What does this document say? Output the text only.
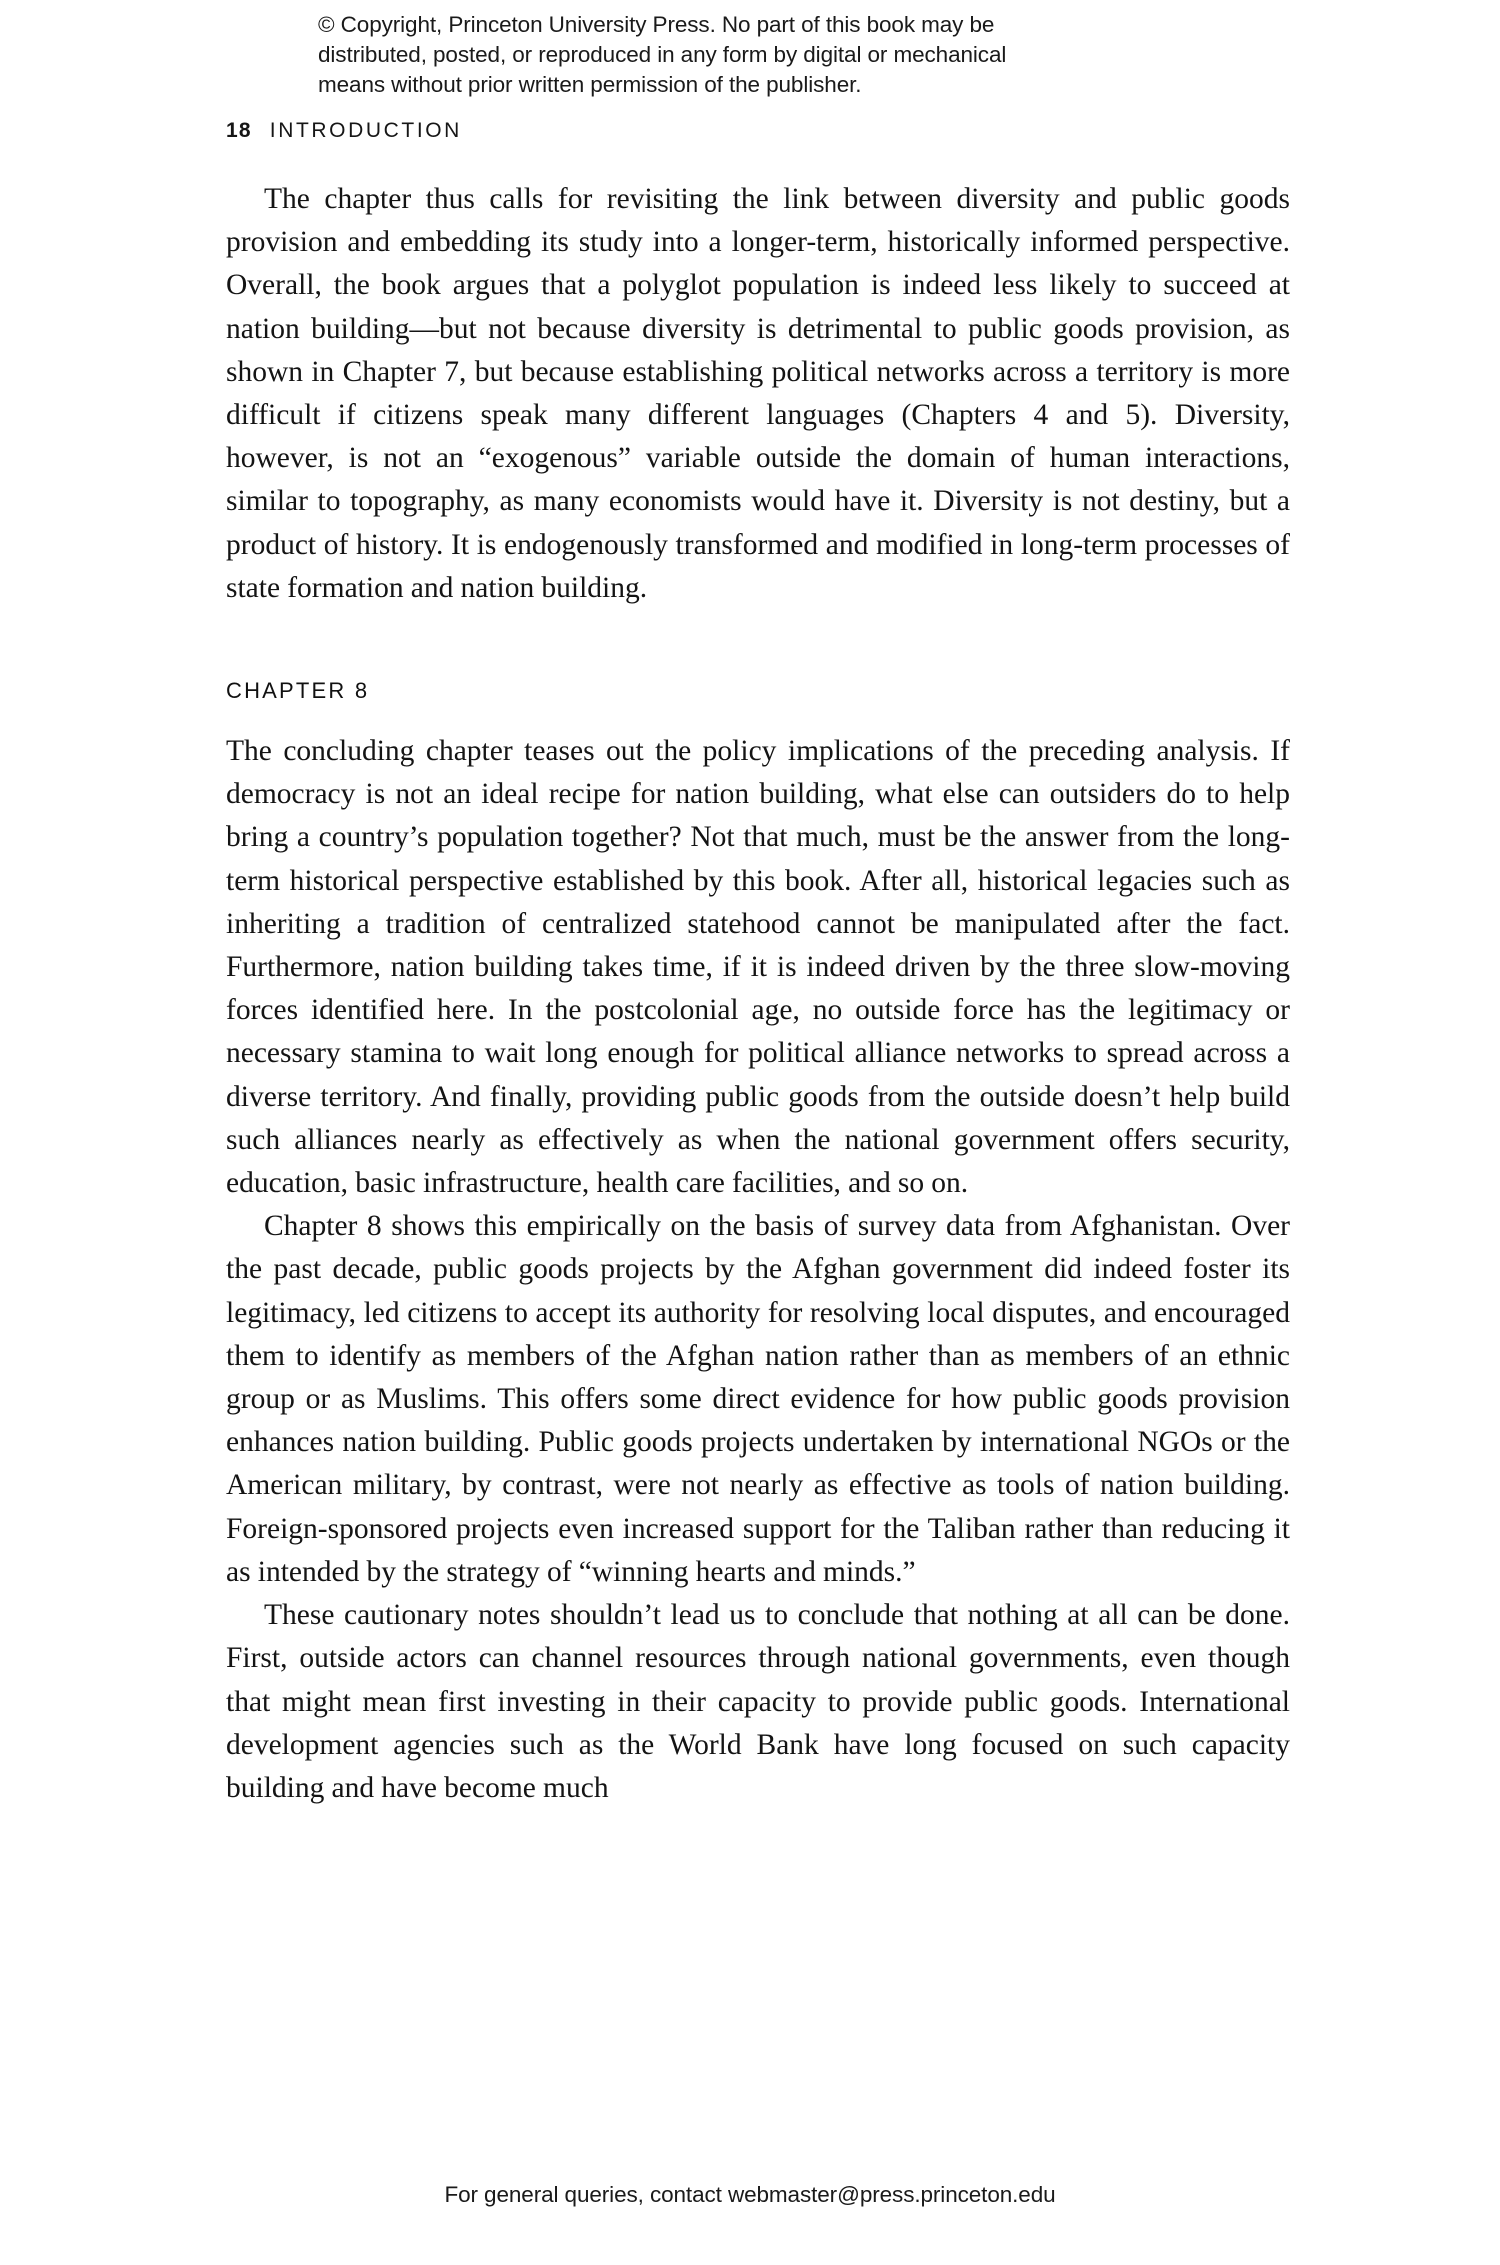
© Copyright, Princeton University Press. No part of this book may be
distributed, posted, or reproduced in any form by digital or mechanical
means without prior written permission of the publisher.
18 INTRODUCTION

The chapter thus calls for revisiting the link between diversity and public goods provision and embedding its study into a longer-term, historically informed perspective. Overall, the book argues that a polyglot population is indeed less likely to succeed at nation building—but not because diversity is detrimental to public goods provision, as shown in Chapter 7, but because establishing political networks across a territory is more difficult if citizens speak many different languages (Chapters 4 and 5). Diversity, however, is not an “exogenous” variable outside the domain of human interactions, similar to topography, as many economists would have it. Diversity is not destiny, but a product of history. It is endogenously transformed and modified in long-term processes of state formation and nation building.

CHAPTER 8

The concluding chapter teases out the policy implications of the preceding analysis. If democracy is not an ideal recipe for nation building, what else can outsiders do to help bring a country’s population together? Not that much, must be the answer from the long-term historical perspective established by this book. After all, historical legacies such as inheriting a tradition of centralized statehood cannot be manipulated after the fact. Furthermore, nation building takes time, if it is indeed driven by the three slow-moving forces identified here. In the postcolonial age, no outside force has the legitimacy or necessary stamina to wait long enough for political alliance networks to spread across a diverse territory. And finally, providing public goods from the outside doesn’t help build such alliances nearly as effectively as when the national government offers security, education, basic infrastructure, health care facilities, and so on.

Chapter 8 shows this empirically on the basis of survey data from Afghanistan. Over the past decade, public goods projects by the Afghan government did indeed foster its legitimacy, led citizens to accept its authority for resolving local disputes, and encouraged them to identify as members of the Afghan nation rather than as members of an ethnic group or as Muslims. This offers some direct evidence for how public goods provision enhances nation building. Public goods projects undertaken by international NGOs or the American military, by contrast, were not nearly as effective as tools of nation building. Foreign-sponsored projects even increased support for the Taliban rather than reducing it as intended by the strategy of “winning hearts and minds.”

These cautionary notes shouldn’t lead us to conclude that nothing at all can be done. First, outside actors can channel resources through national governments, even though that might mean first investing in their capacity to provide public goods. International development agencies such as the World Bank have long focused on such capacity building and have become much

For general queries, contact webmaster@press.princeton.edu
